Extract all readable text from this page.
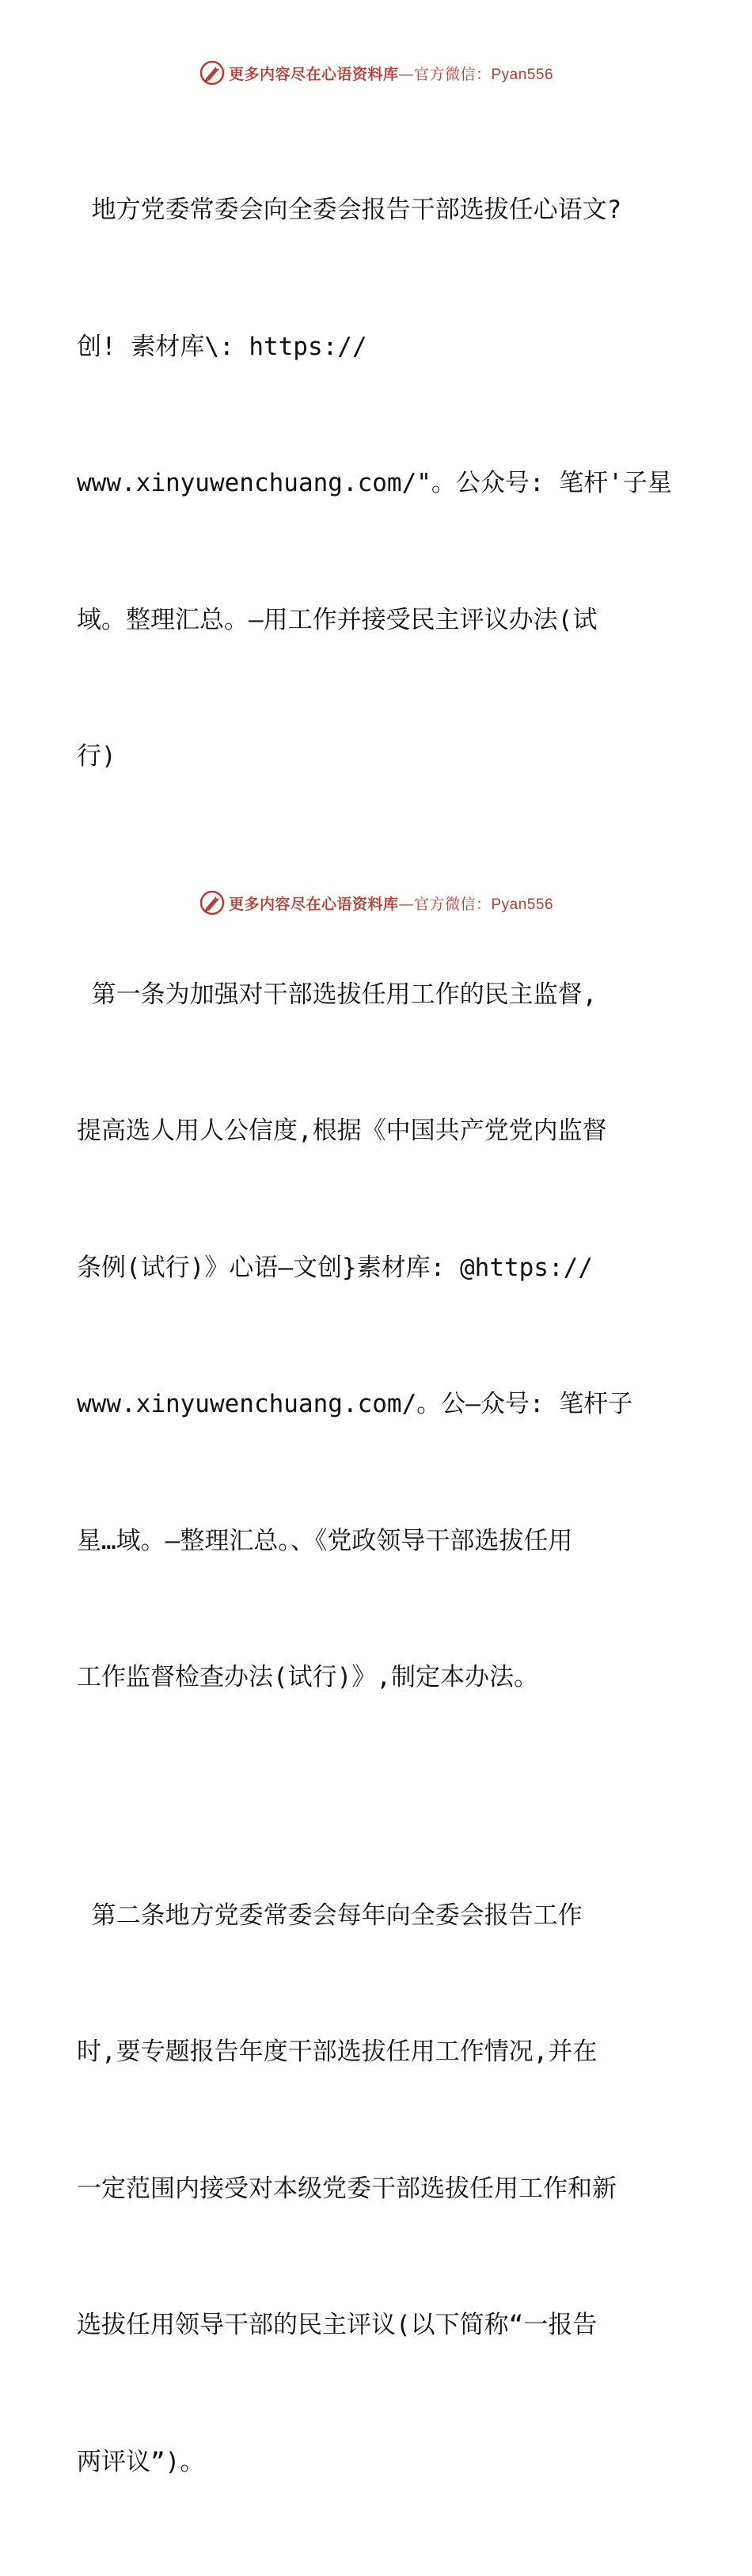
更多内容尽在心语资料库—官方微信：Pyan556

地方党委常委会向全委会报告干部选拔任心语文?

创! 素材库\: https://

www.xinyuwenchuang.com/"。公众号: 笔杆'子星

域。整理汇总。—用工作并接受民主评议办法(试

行)

第一条为加强对干部选拔任用工作的民主监督,

提高选人用人公信度,根据《中国共产党党内监督

条例(试行)》心语—文创}素材库: @https://

www.xinyuwenchuang.com/。公—众号: 笔杆子

星…域。—整理汇总。、《党政领导干部选拔任用

工作监督检查办法(试行)》,制定本办法。

第二条地方党委常委会每年向全委会报告工作

时,要专题报告年度干部选拔任用工作情况,并在

一定范围内接受对本级党委干部选拔任用工作和新

选拔任用领导干部的民主评议(以下简称“一报告

两评议”)。

更多内容尽在心语资料库—官方微信：Pyan556
